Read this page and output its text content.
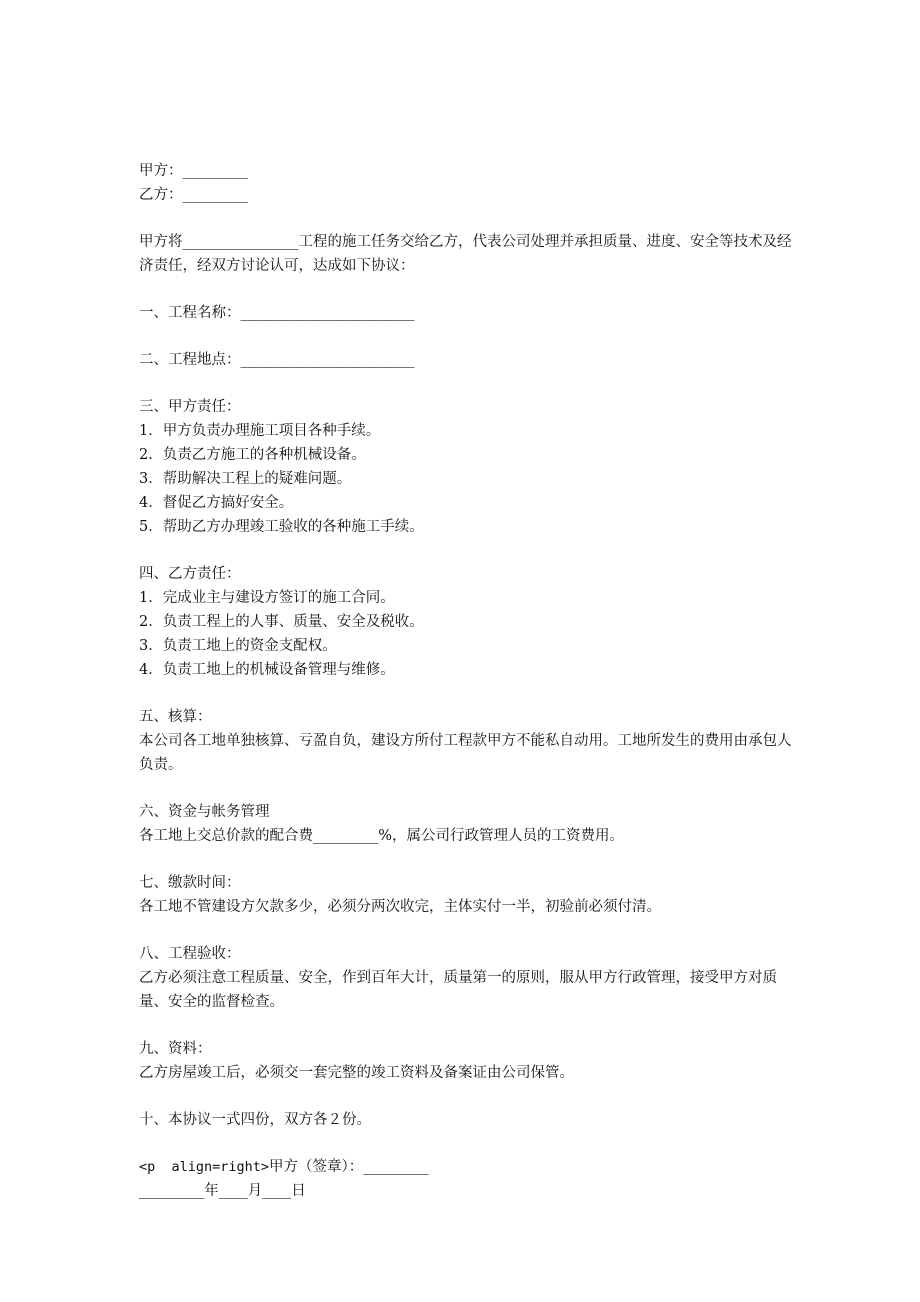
甲方：_________

乙方：_________

甲方将________________工程的施工任务交给乙方，代表公司处理并承担质量、进度、安全等技术及经济责任，经双方讨论认可，达成如下协议：

一、工程名称：________________________

二、工程地点：________________________

三、甲方责任：

1．甲方负责办理施工项目各种手续。

2．负责乙方施工的各种机械设备。

3．帮助解决工程上的疑难问题。

4．督促乙方搞好安全。

5．帮助乙方办理竣工验收的各种施工手续。

四、乙方责任：

1．完成业主与建设方签订的施工合同。

2．负责工程上的人事、质量、安全及税收。

3．负责工地上的资金支配权。

4．负责工地上的机械设备管理与维修。

五、核算：

本公司各工地单独核算、亏盈自负，建设方所付工程款甲方不能私自动用。工地所发生的费用由承包人负责。

六、资金与帐务管理

各工地上交总价款的配合费_________%，属公司行政管理人员的工资费用。

七、缴款时间：

各工地不管建设方欠款多少，必须分两次收完，主体实付一半，初验前必须付清。

八、工程验收：

乙方必须注意工程质量、安全，作到百年大计，质量第一的原则，服从甲方行政管理，接受甲方对质量、安全的监督检查。

九、资料：

乙方房屋竣工后，必须交一套完整的竣工资料及备案证由公司保管。

十、本协议一式四份，双方各２份。

<p  align=right>甲方（签章）：_________

_________年____月____日
